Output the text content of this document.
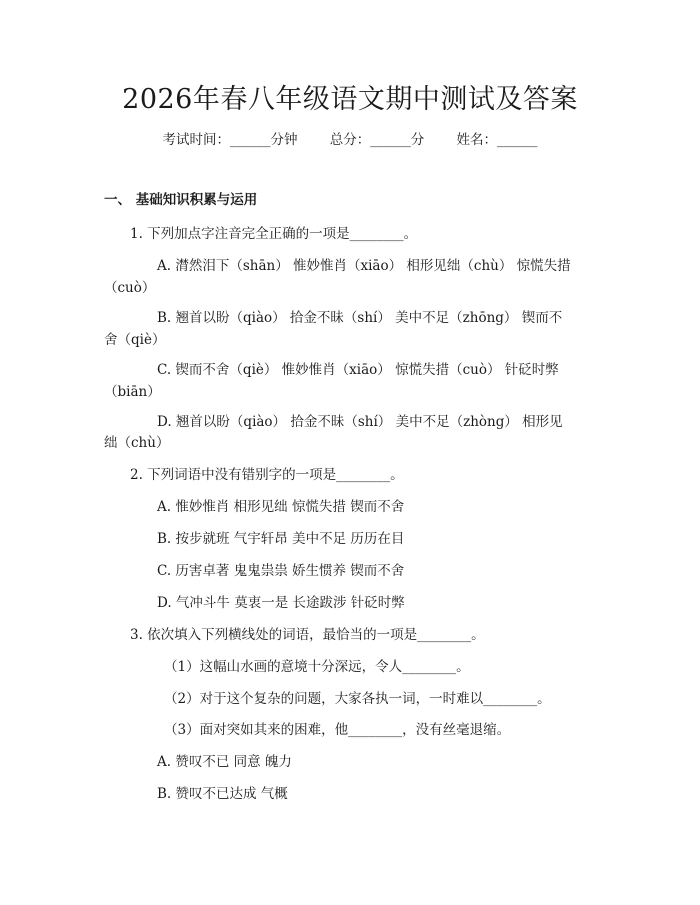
2026年春八年级语文期中测试及答案
考试时间：______分钟 总分：______分 姓名：______
一、 基础知识积累与运用
1. 下列加点字注音完全正确的一项是________。
A. 潸然泪下（shān） 惟妙惟肖（xiāo） 相形见绌（chù） 惊慌失措
（cuò）
B. 翘首以盼（qiào） 拾金不昧（shí） 美中不足（zhōng） 锲而不
舍（qiè）
C. 锲而不舍（qiè） 惟妙惟肖（xiāo） 惊慌失措（cuò） 针砭时弊
（biān）
D. 翘首以盼（qiào） 拾金不昧（shí） 美中不足（zhòng） 相形见
绌（chù）
2. 下列词语中没有错别字的一项是________。
A. 惟妙惟肖 相形见绌 惊慌失措 锲而不舍
B. 按步就班 气宇轩昂 美中不足 历历在目
C. 历害卓著 鬼鬼祟祟 娇生惯养 锲而不舍
D. 气冲斗牛 莫衷一是 长途跋涉 针砭时弊
3. 依次填入下列横线处的词语，最恰当的一项是________。
（1）这幅山水画的意境十分深远，令人________。
（2）对于这个复杂的问题，大家各执一词，一时难以________。
（3）面对突如其来的困难，他________，没有丝毫退缩。
A. 赞叹不已 同意 魄力
B. 赞叹不已达成 气概
